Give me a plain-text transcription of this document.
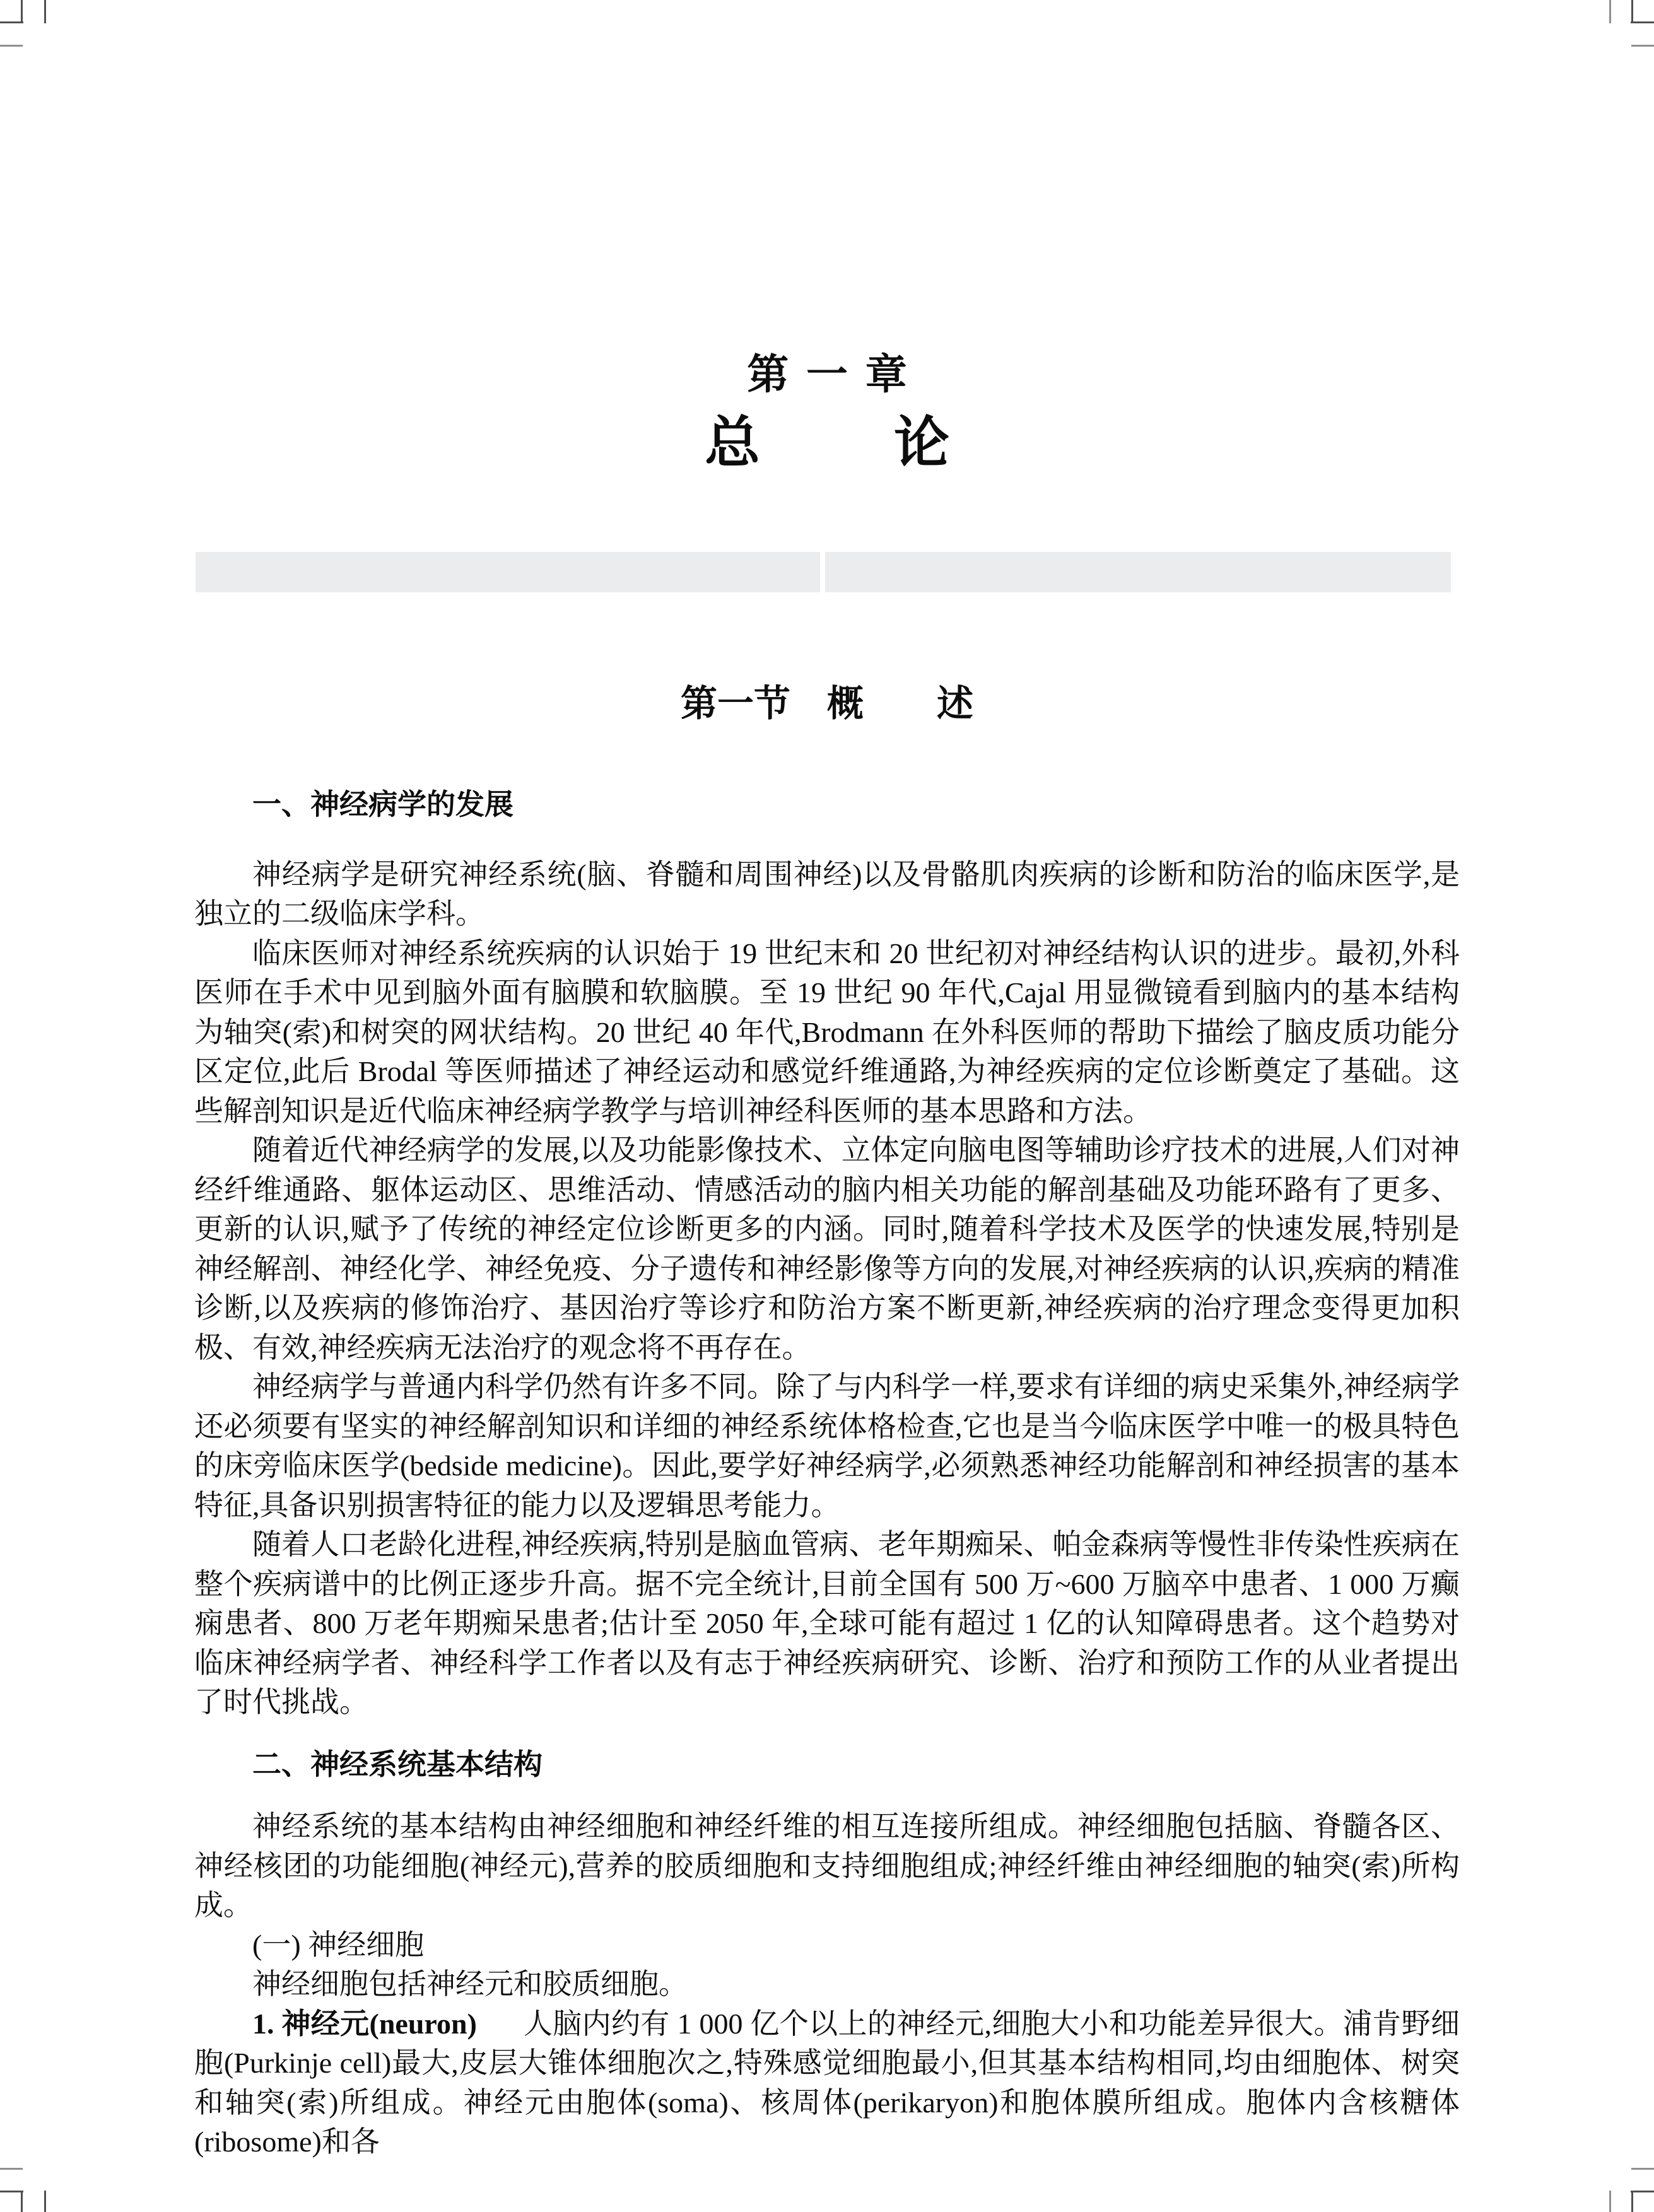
第一章
总 论
第一节　概　　述
一、神经病学的发展

神经病学是研究神经系统(脑、脊髓和周围神经)以及骨骼肌肉疾病的诊断和防治的临床医学,是独立的二级临床学科。

临床医师对神经系统疾病的认识始于 19 世纪末和 20 世纪初对神经结构认识的进步。最初,外科医师在手术中见到脑外面有脑膜和软脑膜。至 19 世纪 90 年代,Cajal 用显微镜看到脑内的基本结构为轴突(索)和树突的网状结构。20 世纪 40 年代,Brodmann 在外科医师的帮助下描绘了脑皮质功能分区定位,此后 Brodal 等医师描述了神经运动和感觉纤维通路,为神经疾病的定位诊断奠定了基础。这些解剖知识是近代临床神经病学教学与培训神经科医师的基本思路和方法。

随着近代神经病学的发展,以及功能影像技术、立体定向脑电图等辅助诊疗技术的进展,人们对神经纤维通路、躯体运动区、思维活动、情感活动的脑内相关功能的解剖基础及功能环路有了更多、更新的认识,赋予了传统的神经定位诊断更多的内涵。同时,随着科学技术及医学的快速发展,特别是神经解剖、神经化学、神经免疫、分子遗传和神经影像等方向的发展,对神经疾病的认识,疾病的精准诊断,以及疾病的修饰治疗、基因治疗等诊疗和防治方案不断更新,神经疾病的治疗理念变得更加积极、有效,神经疾病无法治疗的观念将不再存在。

神经病学与普通内科学仍然有许多不同。除了与内科学一样,要求有详细的病史采集外,神经病学还必须要有坚实的神经解剖知识和详细的神经系统体格检查,它也是当今临床医学中唯一的极具特色的床旁临床医学(bedside medicine)。因此,要学好神经病学,必须熟悉神经功能解剖和神经损害的基本特征,具备识别损害特征的能力以及逻辑思考能力。

随着人口老龄化进程,神经疾病,特别是脑血管病、老年期痴呆、帕金森病等慢性非传染性疾病在整个疾病谱中的比例正逐步升高。据不完全统计,目前全国有 500 万~600 万脑卒中患者、1 000 万癫痫患者、800 万老年期痴呆患者;估计至 2050 年,全球可能有超过 1 亿的认知障碍患者。这个趋势对临床神经病学者、神经科学工作者以及有志于神经疾病研究、诊断、治疗和预防工作的从业者提出了时代挑战。

二、神经系统基本结构

神经系统的基本结构由神经细胞和神经纤维的相互连接所组成。神经细胞包括脑、脊髓各区、神经核团的功能细胞(神经元),营养的胶质细胞和支持细胞组成;神经纤维由神经细胞的轴突(索)所构成。

(一) 神经细胞

神经细胞包括神经元和胶质细胞。

1. 神经元(neuron) 人脑内约有 1 000 亿个以上的神经元,细胞大小和功能差异很大。浦肯野细胞(Purkinje cell)最大,皮层大锥体细胞次之,特殊感觉细胞最小,但其基本结构相同,均由细胞体、树突和轴突(索)所组成。神经元由胞体(soma)、核周体(perikaryon)和胞体膜所组成。胞体内含核糖体(ribosome)和各
